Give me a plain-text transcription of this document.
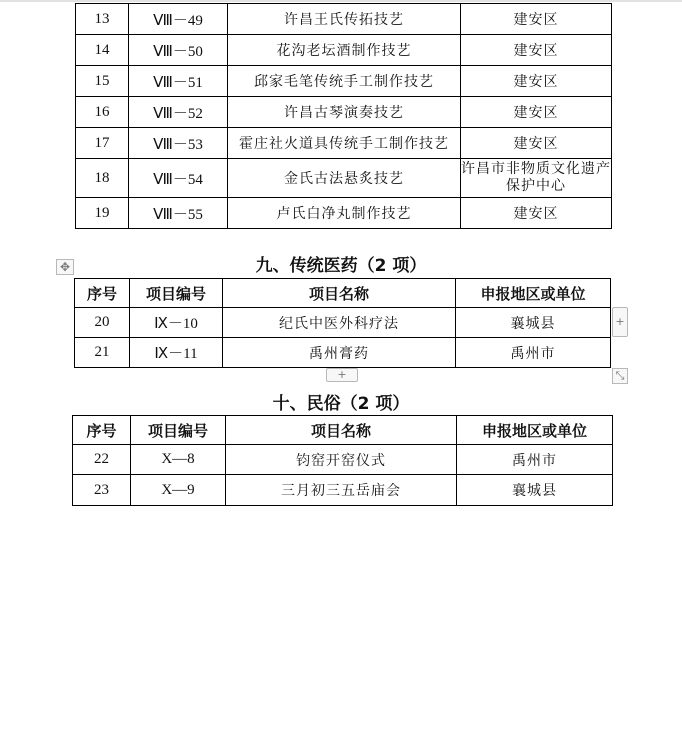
13	Ⅷ－49	许昌王氏传拓技艺	建安区
14	Ⅷ－50	花沟老坛酒制作技艺	建安区
15	Ⅷ－51	邱家毛笔传统手工制作技艺	建安区
16	Ⅷ－52	许昌古琴演奏技艺	建安区
17	Ⅷ－53	霍庄社火道具传统手工制作技艺	建安区
18	Ⅷ－54	金氏古法悬炙技艺	许昌市非物质文化遗产保护中心
19	Ⅷ－55	卢氏白净丸制作技艺	建安区
✥	九、传统医药（2 项）
序号	项目编号	项目名称	申报地区或单位
20	Ⅸ－10	纪氏中医外科疗法	襄城县
21	Ⅸ－11	禹州膏药	禹州市
+
+	⤡
十、民俗（2 项）
序号	项目编号	项目名称	申报地区或单位
22	X—8	钧窑开窑仪式	禹州市
23	X—9	三月初三五岳庙会	襄城县
